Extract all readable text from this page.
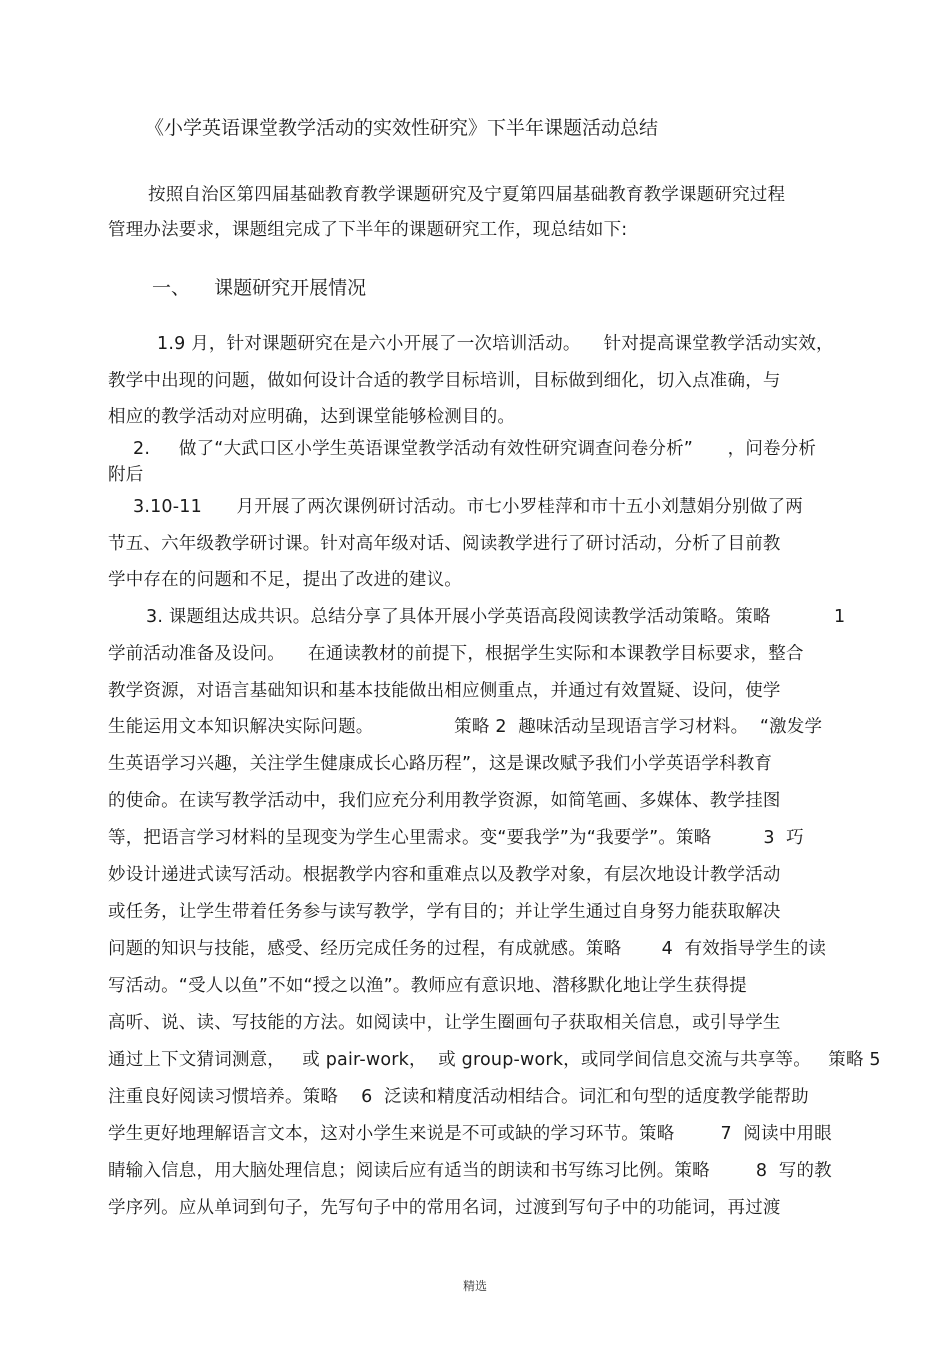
《小学英语课堂教学活动的实效性研究》下半年课题活动总结
按照自治区第四届基础教育教学课题研究及宁夏第四届基础教育教学课题研究过程
管理办法要求，课题组完成了下半年的课题研究工作，现总结如下:
一、    课题研究开展情况
1.9 月，针对课题研究在是六小开展了一次培训活动。    针对提高课堂教学活动实效，
教学中出现的问题，做如何设计合适的教学目标培训，目标做到细化，切入点准确，与
相应的教学活动对应明确，达到课堂能够检测目的。
2.     做了“大武口区小学生英语课堂教学活动有效性研究调查问卷分析”      ，问卷分析
附后
3.10-11      月开展了两次课例研讨活动。市七小罗桂萍和市十五小刘慧娟分别做了两
节五、六年级教学研讨课。针对高年级对话、阅读教学进行了研讨活动，分析了目前教
学中存在的问题和不足，提出了改进的建议。
3. 课题组达成共识。总结分享了具体开展小学英语高段阅读教学活动策略。策略           1
学前活动准备及设问。    在通读教材的前提下，根据学生实际和本课教学目标要求，整合
教学资源，对语言基础知识和基本技能做出相应侧重点，并通过有效置疑、设问，使学
生能运用文本知识解决实际问题。              策略 2  趣味活动呈现语言学习材料。  “激发学
生英语学习兴趣，关注学生健康成长心路历程”，这是课改赋予我们小学英语学科教育
的使命。在读写教学活动中，我们应充分利用教学资源，如简笔画、多媒体、教学挂图
等，把语言学习材料的呈现变为学生心里需求。变“要我学”为“我要学”。策略         3  巧
妙设计递进式读写活动。根据教学内容和重难点以及教学对象，有层次地设计教学活动
或任务，让学生带着任务参与读写教学，学有目的；并让学生通过自身努力能获取解决
问题的知识与技能，感受、经历完成任务的过程，有成就感。策略       4  有效指导学生的读
写活动。“受人以鱼”不如“授之以渔”。教师应有意识地、潜移默化地让学生获得提
高听、说、读、写技能的方法。如阅读中，让学生圈画句子获取相关信息，或引导学生
通过上下文猜词测意，   或 pair-work，  或 group-work，或同学间信息交流与共享等。   策略 5
注重良好阅读习惯培养。策略    6  泛读和精度活动相结合。词汇和句型的适度教学能帮助
学生更好地理解语言文本，这对小学生来说是不可或缺的学习环节。策略        7  阅读中用眼
睛输入信息，用大脑处理信息；阅读后应有适当的朗读和书写练习比例。策略        8  写的教
学序列。应从单词到句子，先写句子中的常用名词，过渡到写句子中的功能词，再过渡
精选
